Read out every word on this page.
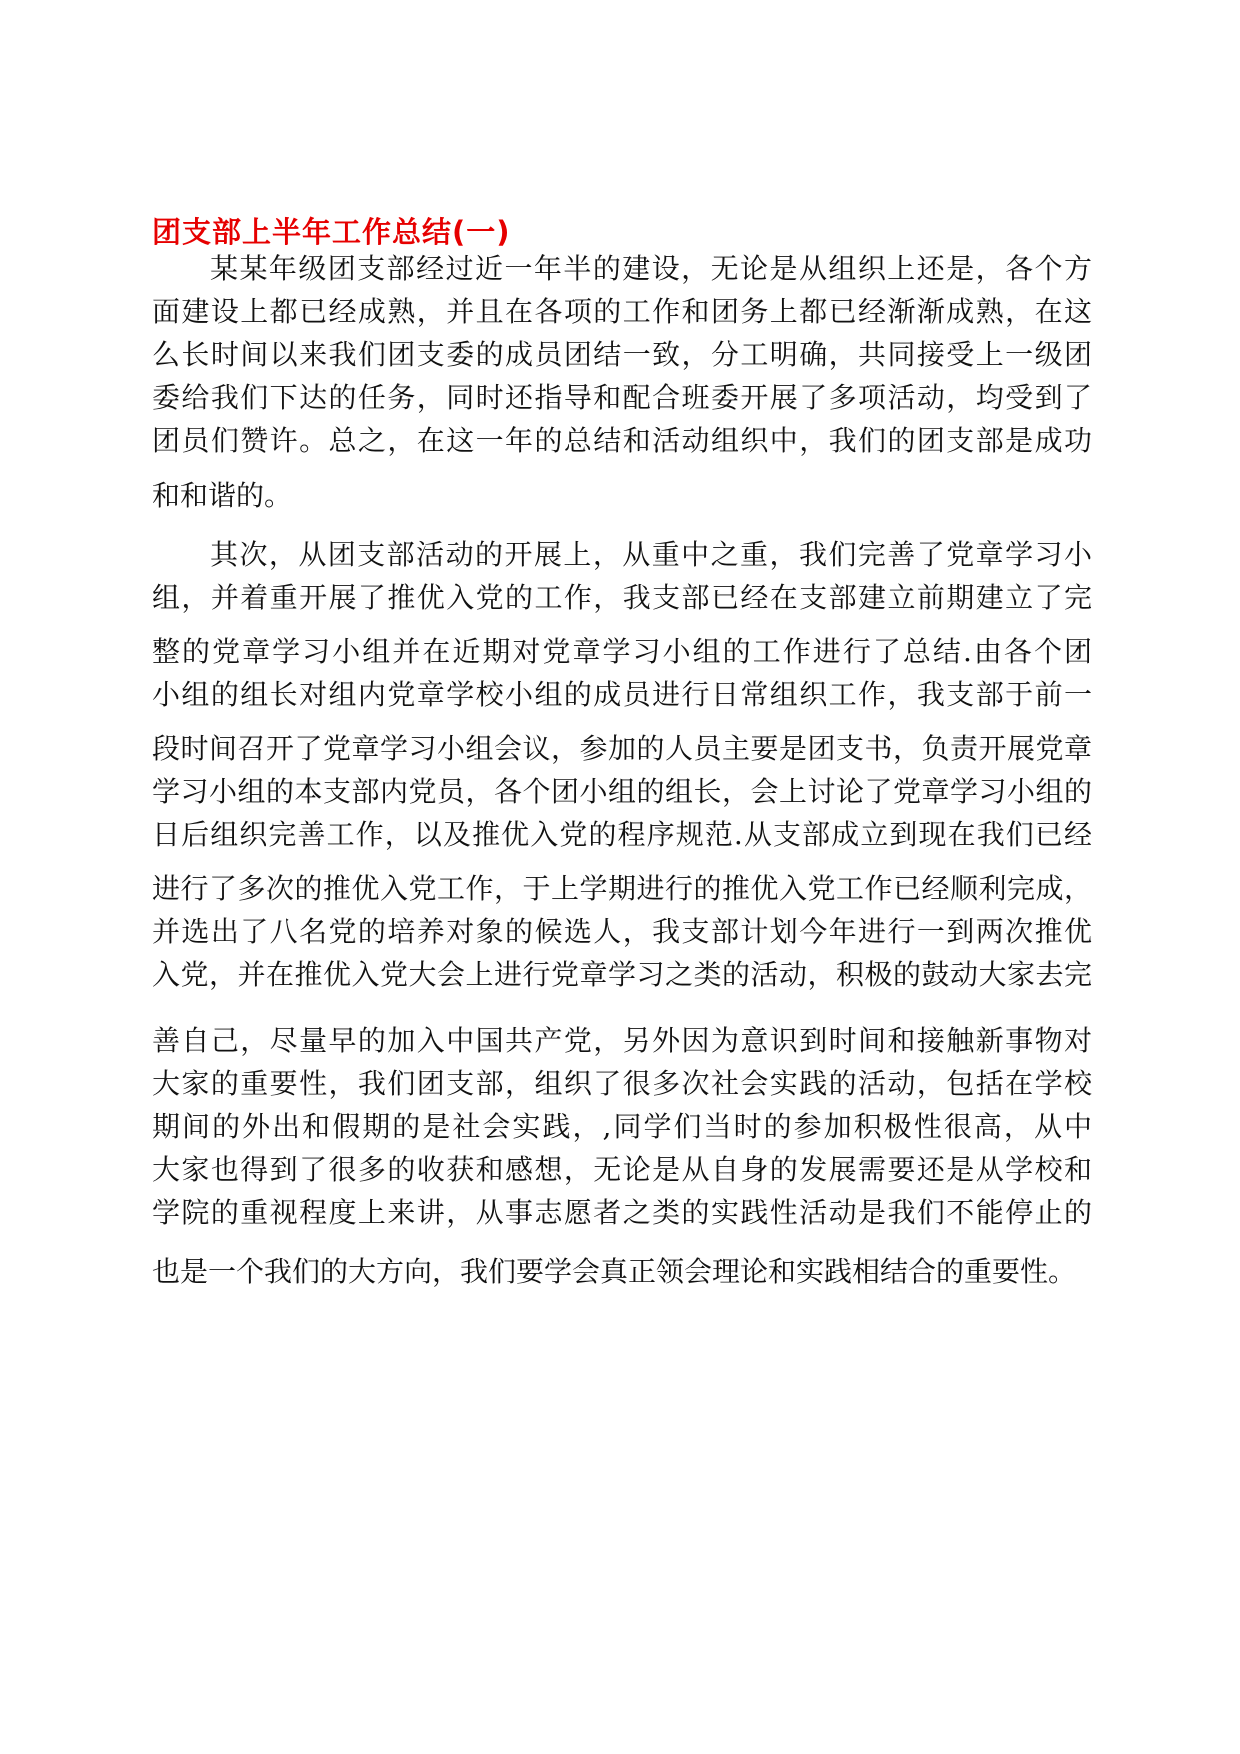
团支部上半年工作总结(一)
某某年级团支部经过近一年半的建设，无论是从组织上还是，各个方
面建设上都已经成熟，并且在各项的工作和团务上都已经渐渐成熟，在这
么长时间以来我们团支委的成员团结一致，分工明确，共同接受上一级团
委给我们下达的任务，同时还指导和配合班委开展了多项活动，均受到了
团员们赞许。总之，在这一年的总结和活动组织中，我们的团支部是成功
和和谐的。
其次，从团支部活动的开展上，从重中之重，我们完善了党章学习小
组，并着重开展了推优入党的工作，我支部已经在支部建立前期建立了完
整的党章学习小组并在近期对党章学习小组的工作进行了总结.由各个团
小组的组长对组内党章学校小组的成员进行日常组织工作，我支部于前一
段时间召开了党章学习小组会议，参加的人员主要是团支书，负责开展党章
学习小组的本支部内党员，各个团小组的组长，会上讨论了党章学习小组的
日后组织完善工作，以及推优入党的程序规范.从支部成立到现在我们已经
进行了多次的推优入党工作，于上学期进行的推优入党工作已经顺利完成，
并选出了八名党的培养对象的候选人，我支部计划今年进行一到两次推优
入党，并在推优入党大会上进行党章学习之类的活动，积极的鼓动大家去完
善自己，尽量早的加入中国共产党，另外因为意识到时间和接触新事物对
大家的重要性，我们团支部，组织了很多次社会实践的活动，包括在学校
期间的外出和假期的是社会实践，,同学们当时的参加积极性很高，从中
大家也得到了很多的收获和感想，无论是从自身的发展需要还是从学校和
学院的重视程度上来讲，从事志愿者之类的实践性活动是我们不能停止的
也是一个我们的大方向，我们要学会真正领会理论和实践相结合的重要性。
